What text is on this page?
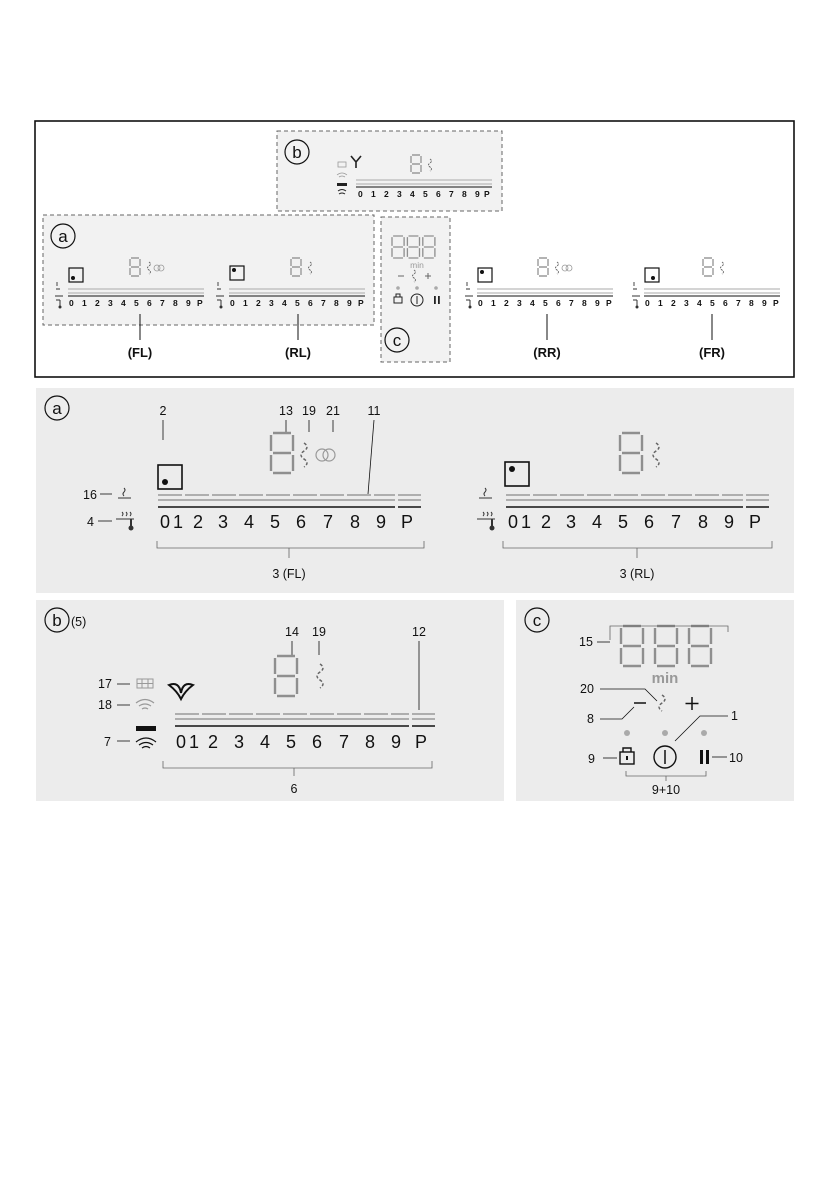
b
0 1 2 3 4 5 6 7 8 9 P
a
0 1 2 3 4 5 6 7 8 9 P	0 1 2 3 4 5 6 7 8 9 P
(FL)	(RL)
min
c
0 1 2 3 4 5 6 7 8 9 P
(RR)
0 1 2 3 4 5 6 7 8 9 P
(FR)
a	2	13 19 21 11
16
4	0 1 2 3 4 5 6 7 8 9 P
3 (FL)
0 1 2 3 4 5 6 7 8 9 P
3 (RL)
b (5)
14 19	12
17
18
7	0 1 2 3 4 5 6 7 8 9 P
6
c
15
min
20
8	1
9	10
9+10
